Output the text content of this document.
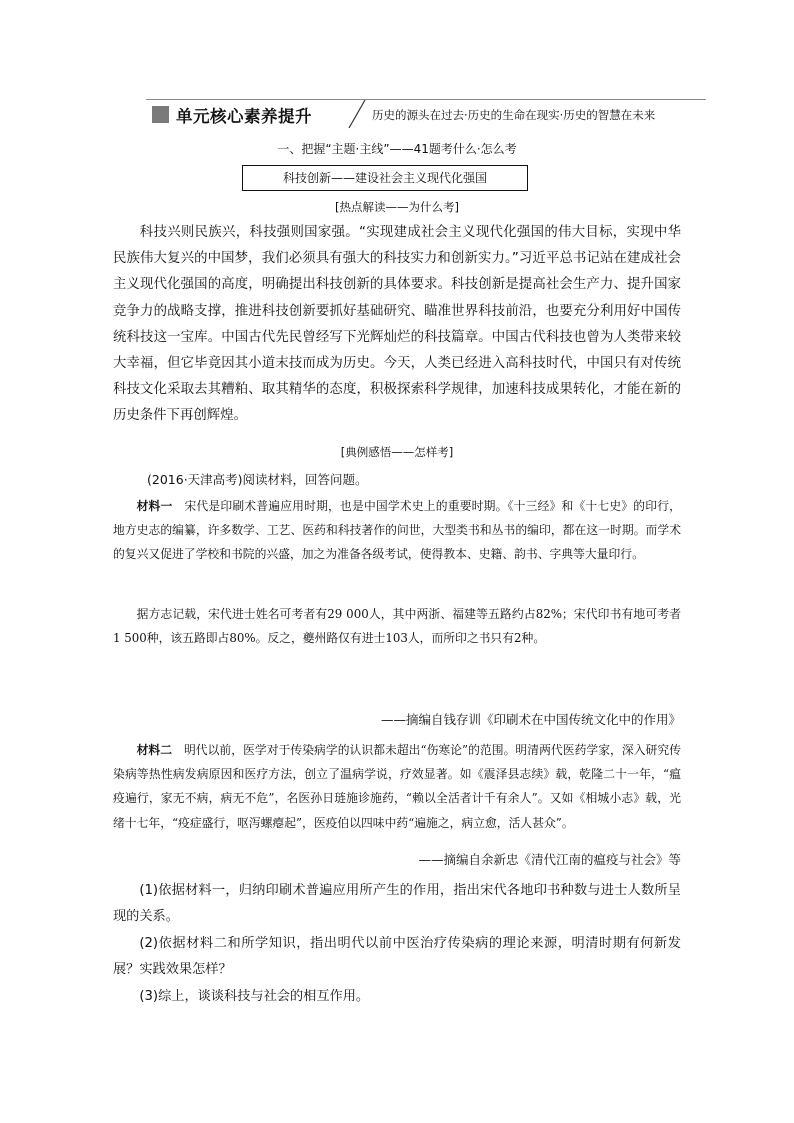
单元核心素养提升	历史的源头在过去·历史的生命在现实·历史的智慧在未来
一、把握“主题·主线”——41题考什么·怎么考
科技创新——建设社会主义现代化强国
[热点解读——为什么考]

科技兴则民族兴，科技强则国家强。“实现建成社会主义现代化强国的伟大目标，实现中华民族伟大复兴的中国梦，我们必须具有强大的科技实力和创新实力。”习近平总书记站在建成社会主义现代化强国的高度，明确提出科技创新的具体要求。科技创新是提高社会生产力、提升国家竞争力的战略支撑，推进科技创新要抓好基础研究、瞄准世界科技前沿，也要充分利用好中国传统科技这一宝库。中国古代先民曾经写下光辉灿烂的科技篇章。中国古代科技也曾为人类带来较大幸福，但它毕竟因其小道末技而成为历史。今天，人类已经进入高科技时代，中国只有对传统科技文化采取去其糟粕、取其精华的态度，积极探索科学规律，加速科技成果转化，才能在新的历史条件下再创辉煌。

[典例感悟——怎样考]

(2016·天津高考)阅读材料，回答问题。

材料一　 宋代是印刷术普遍应用时期，也是中国学术史上的重要时期。《十三经》和《十七史》的印行，地方史志的编纂，许多数学、工艺、医药和科技著作的问世，大型类书和丛书的编印，都在这一时期。而学术的复兴又促进了学校和书院的兴盛，加之为准备各级考试，使得教本、史籍、韵书、字典等大量印行。

据方志记载，宋代进士姓名可考者有29 000人，其中两浙、福建等五路约占82%；宋代印书有地可考者1 500种，该五路即占80%。反之，夔州路仅有进士103人，而所印之书只有2种。

——摘编自钱存训《印刷术在中国传统文化中的作用》

材料二　 明代以前，医学对于传染病学的认识都未超出“伤寒论”的范围。明清两代医药学家，深入研究传染病等热性病发病原因和医疗方法，创立了温病学说，疗效显著。如《震泽县志续》载，乾隆二十一年，“瘟疫遍行，家无不病，病无不危”，名医孙日琏施诊施药，“赖以全活者计千有余人”。又如《相城小志》载，光绪十七年，“疫症盛行，呕泻螺瘪起”，医疫伯以四味中药“遍施之，病立愈，活人甚众”。

——摘编自余新忠《清代江南的瘟疫与社会》等

(1)依据材料一，归纳印刷术普遍应用所产生的作用，指出宋代各地印书种数与进士人数所呈现的关系。

(2)依据材料二和所学知识，指出明代以前中医治疗传染病的理论来源，明清时期有何新发展？实践效果怎样？

(3)综上，谈谈科技与社会的相互作用。
